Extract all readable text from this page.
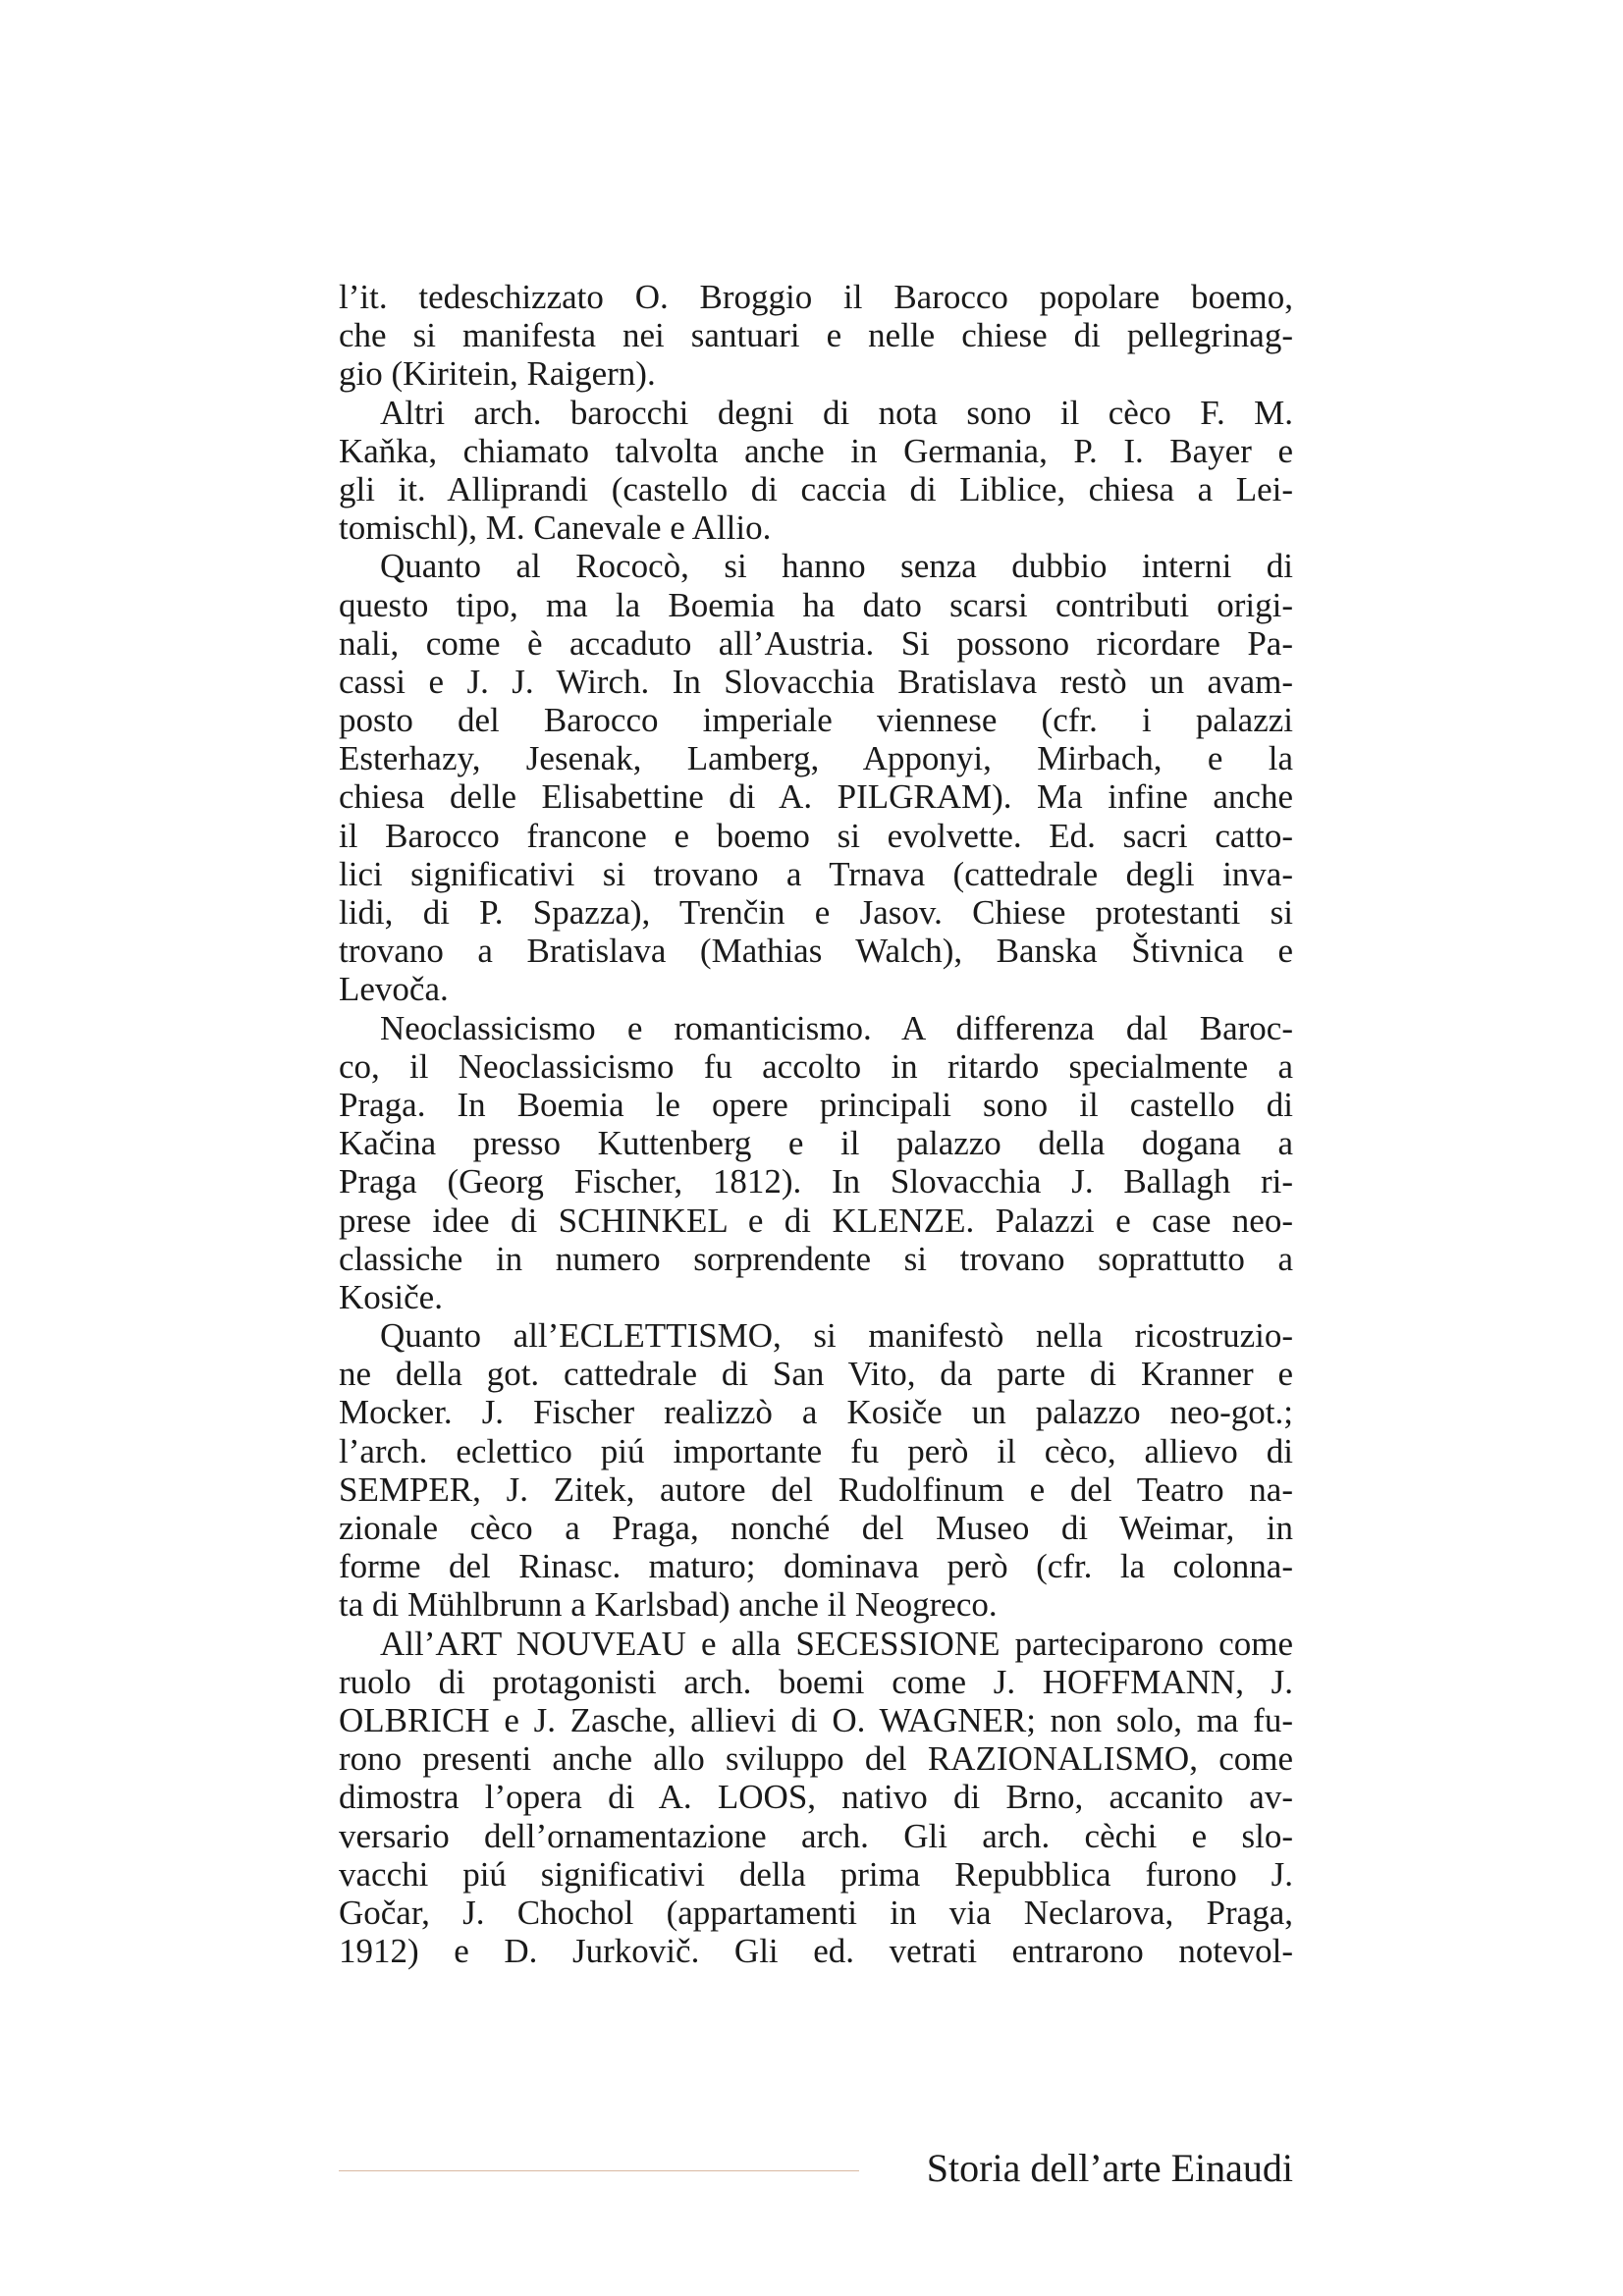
l’it. tedeschizzato O. Broggio il Barocco popolare boemo,
che si manifesta nei santuari e nelle chiese di pellegrinag-
gio (Kiritein, Raigern).
Altri arch. barocchi degni di nota sono il cèco F. M.
Kaňka, chiamato talvolta anche in Germania, P. I. Bayer e
gli it. Alliprandi (castello di caccia di Liblice, chiesa a Lei-
tomischl), M. Canevale e Allio.
Quanto al Rococò, si hanno senza dubbio interni di
questo tipo, ma la Boemia ha dato scarsi contributi origi-
nali, come è accaduto all’Austria. Si possono ricordare Pa-
cassi e J. J. Wirch. In Slovacchia Bratislava restò un avam-
posto del Barocco imperiale viennese (cfr. i palazzi
Esterhazy, Jesenak, Lamberg, Apponyi, Mirbach, e la
chiesa delle Elisabettine di A. PILGRAM). Ma infine anche
il Barocco francone e boemo si evolvette. Ed. sacri catto-
lici significativi si trovano a Trnava (cattedrale degli inva-
lidi, di P. Spazza), Trenčin e Jasov. Chiese protestanti si
trovano a Bratislava (Mathias Walch), Banska Štivnica e
Levoča.
Neoclassicismo e romanticismo. A differenza dal Baroc-
co, il Neoclassicismo fu accolto in ritardo specialmente a
Praga. In Boemia le opere principali sono il castello di
Kačina presso Kuttenberg e il palazzo della dogana a
Praga (Georg Fischer, 1812). In Slovacchia J. Ballagh ri-
prese idee di SCHINKEL e di KLENZE. Palazzi e case neo-
classiche in numero sorprendente si trovano soprattutto a
Kosiče.
Quanto all’ECLETTISMO, si manifestò nella ricostruzio-
ne della got. cattedrale di San Vito, da parte di Kranner e
Mocker. J. Fischer realizzò a Kosiče un palazzo neo-got.;
l’arch. eclettico piú importante fu però il cèco, allievo di
SEMPER, J. Zitek, autore del Rudolfinum e del Teatro na-
zionale cèco a Praga, nonché del Museo di Weimar, in
forme del Rinasc. maturo; dominava però (cfr. la colonna-
ta di Mühlbrunn a Karlsbad) anche il Neogreco.
All’ART NOUVEAU e alla SECESSIONE parteciparono come
ruolo di protagonisti arch. boemi come J. HOFFMANN, J.
OLBRICH e J. Zasche, allievi di O. WAGNER; non solo, ma fu-
rono presenti anche allo sviluppo del RAZIONALISMO, come
dimostra l’opera di A. LOOS, nativo di Brno, accanito av-
versario dell’ornamentazione arch. Gli arch. cèchi e slo-
vacchi piú significativi della prima Repubblica furono J.
Gočar, J. Chochol (appartamenti in via Neclarova, Praga,
1912) e D. Jurkovič. Gli ed. vetrati entrarono notevol-
Storia dell’arte Einaudi
